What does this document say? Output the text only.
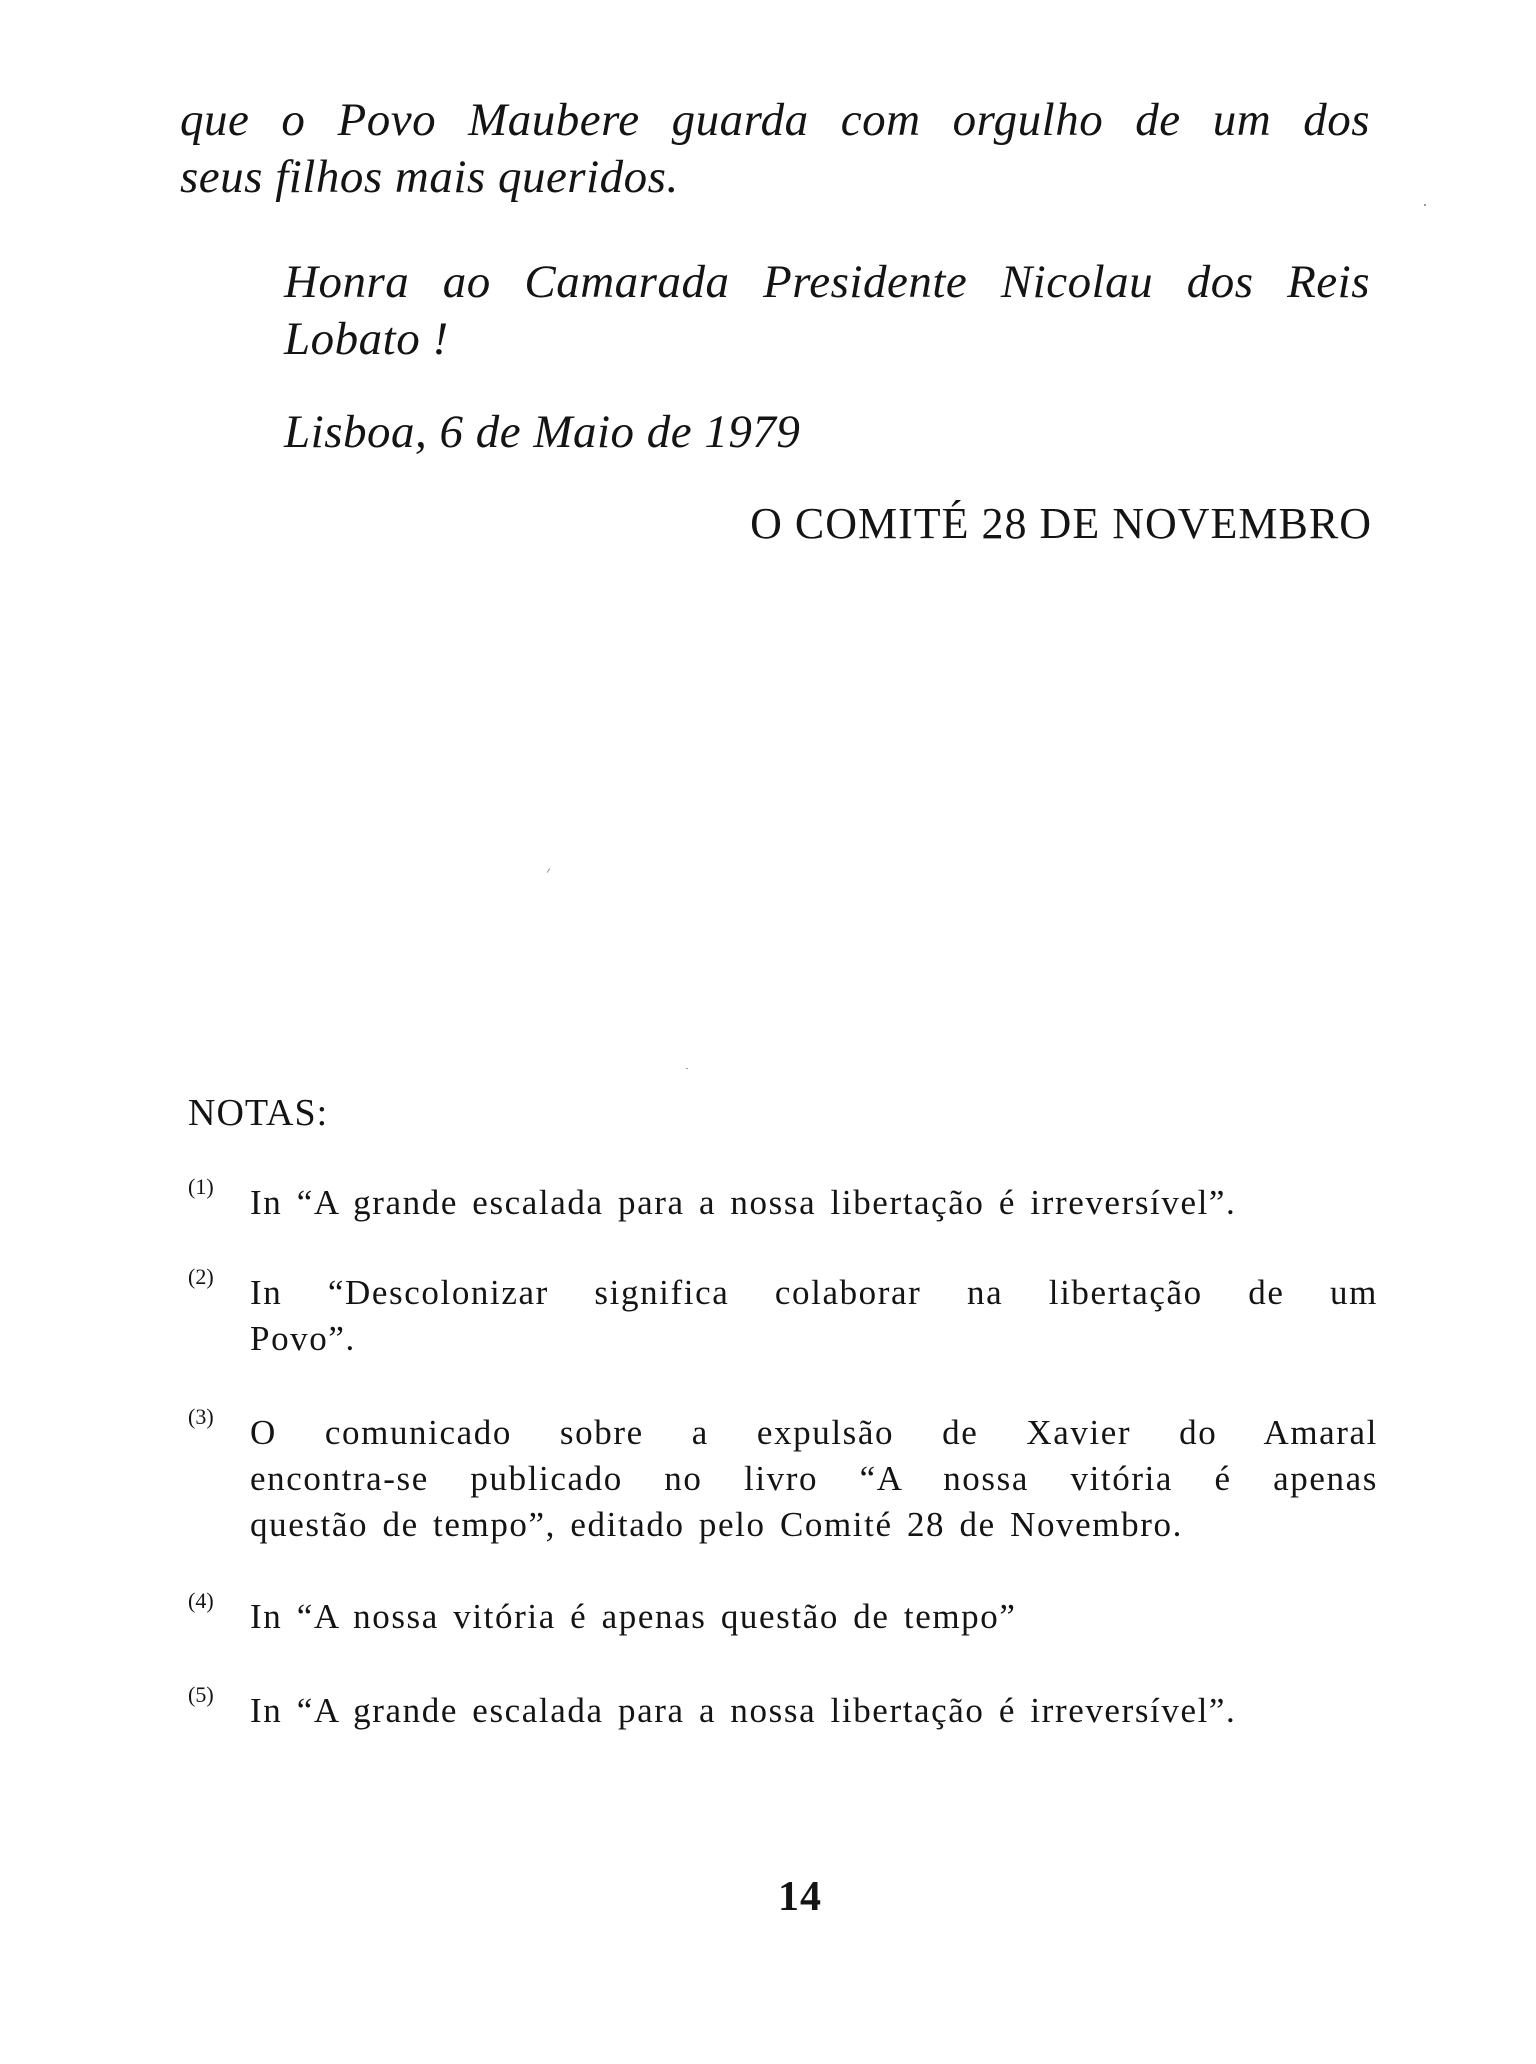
que o Povo Maubere guarda com orgulho de um dos
seus filhos mais queridos.

Honra ao Camarada Presidente Nicolau dos Reis
Lobato !

Lisboa, 6 de Maio de 1979

O COMITÉ 28 DE NOVEMBRO

NOTAS:

(1) In “A grande escalada para a nossa libertação é irreversível”.
(2) In “Descolonizar significa colaborar na libertação de um
Povo”.
(3) O comunicado sobre a expulsão de Xavier do Amaral
encontra-se publicado no livro “A nossa vitória é apenas
questão de tempo”, editado pelo Comité 28 de Novembro.
(4) In “A nossa vitória é apenas questão de tempo”
(5) In “A grande escalada para a nossa libertação é irreversível”.

14
